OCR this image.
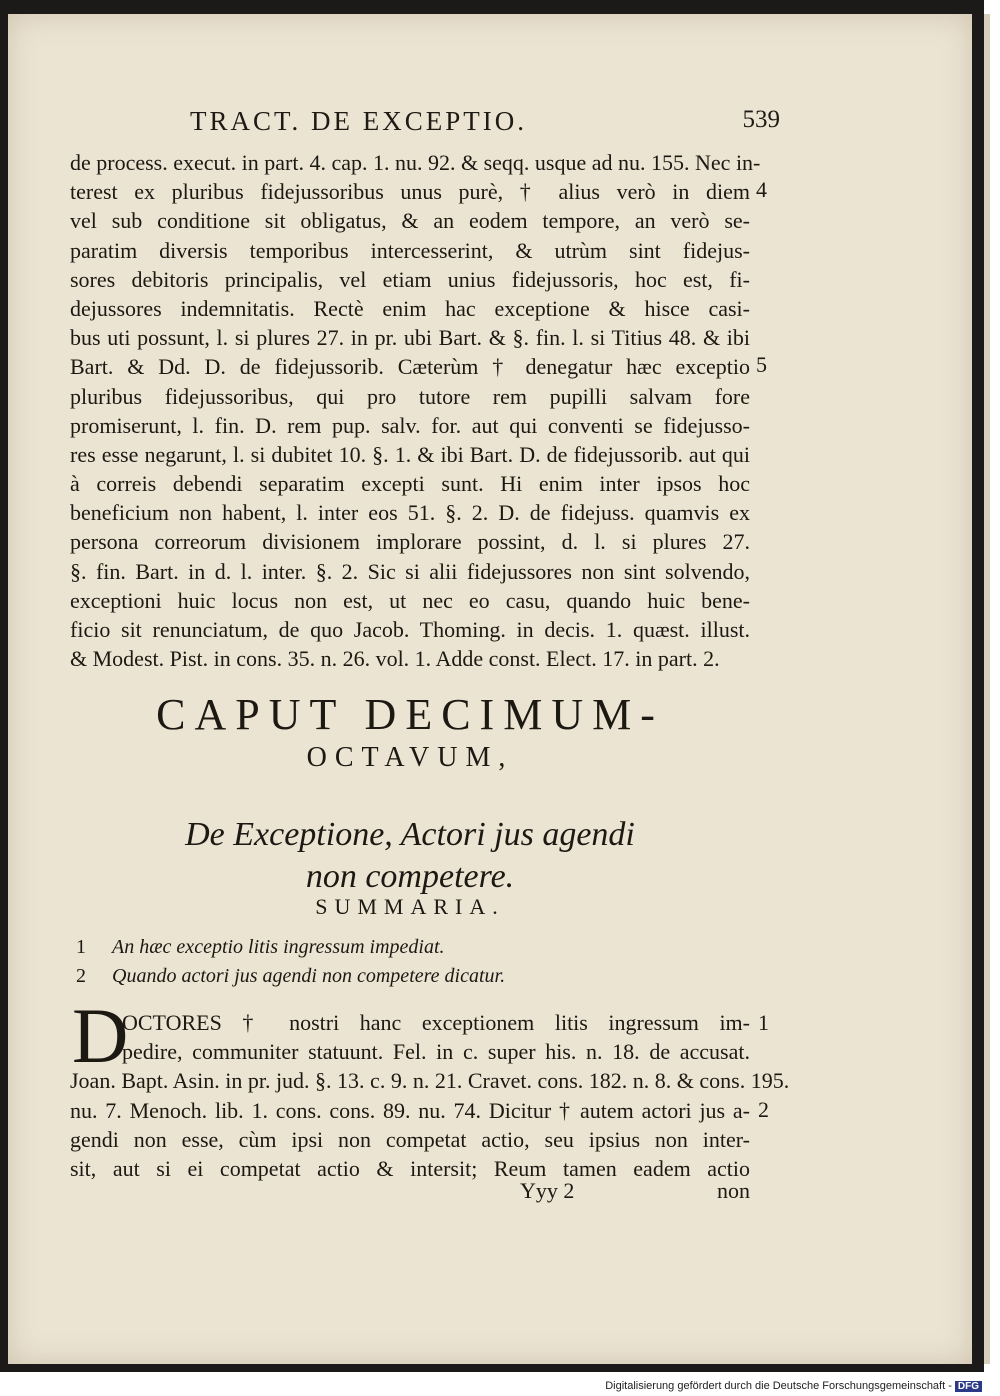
TRACT. DE EXCEPTIO.	539
de process. execut. in part. 4. cap. 1. nu. 92. & seqq. usque ad nu. 155. Nec in-
terest ex pluribus fidejussoribus unus purè, † alius verò in diem
vel sub conditione sit obligatus, & an eodem tempore, an verò se-
paratim diversis temporibus intercesserint, & utrùm sint fidejus-
sores debitoris principalis, vel etiam unius fidejussoris, hoc est, fi-
dejussores indemnitatis. Rectè enim hac exceptione & hisce casi-
bus uti possunt, l. si plures 27. in pr. ubi Bart. & §. fin. l. si Titius 48. & ibi
Bart. & Dd. D. de fidejussorib. Cæterùm † denegatur hæc exceptio
pluribus fidejussoribus, qui pro tutore rem pupilli salvam fore
promiserunt, l. fin. D. rem pup. salv. for. aut qui conventi se fidejusso-
res esse negarunt, l. si dubitet 10. §. 1. & ibi Bart. D. de fidejussorib. aut qui
à correis debendi separatim excepti sunt. Hi enim inter ipsos hoc
beneficium non habent, l. inter eos 51. §. 2. D. de fidejuss. quamvis ex
persona correorum divisionem implorare possint, d. l. si plures 27.
§. fin. Bart. in d. l. inter. §. 2. Sic si alii fidejussores non sint solvendo,
exceptioni huic locus non est, ut nec eo casu, quando huic bene-
ficio sit renunciatum, de quo Jacob. Thoming. in decis. 1. quæst. illust.
& Modest. Pist. in cons. 35. n. 26. vol. 1. Adde const. Elect. 17. in part. 2.
4
5
CAPUT DECIMUM-
OCTAVUM,
De Exceptione, Actori jus agendi
non competere.
SUMMARIA.
1 An hæc exceptio litis ingressum impediat.
2 Quando actori jus agendi non competere dicatur.
D
OCTORES † nostri hanc exceptionem litis ingressum im-
pedire, communiter statuunt. Fel. in c. super his. n. 18. de accusat.
Joan. Bapt. Asin. in pr. jud. §. 13. c. 9. n. 21. Cravet. cons. 182. n. 8. & cons. 195.
nu. 7. Menoch. lib. 1. cons. cons. 89. nu. 74. Dicitur † autem actori jus a-
gendi non esse, cùm ipsi non competat actio, seu ipsius non inter-
sit, aut si ei competat actio & intersit; Reum tamen eadem actio
1
2
Yyy 2	non
Digitalisierung gefördert durch die Deutsche Forschungsgemeinschaft - DFG
